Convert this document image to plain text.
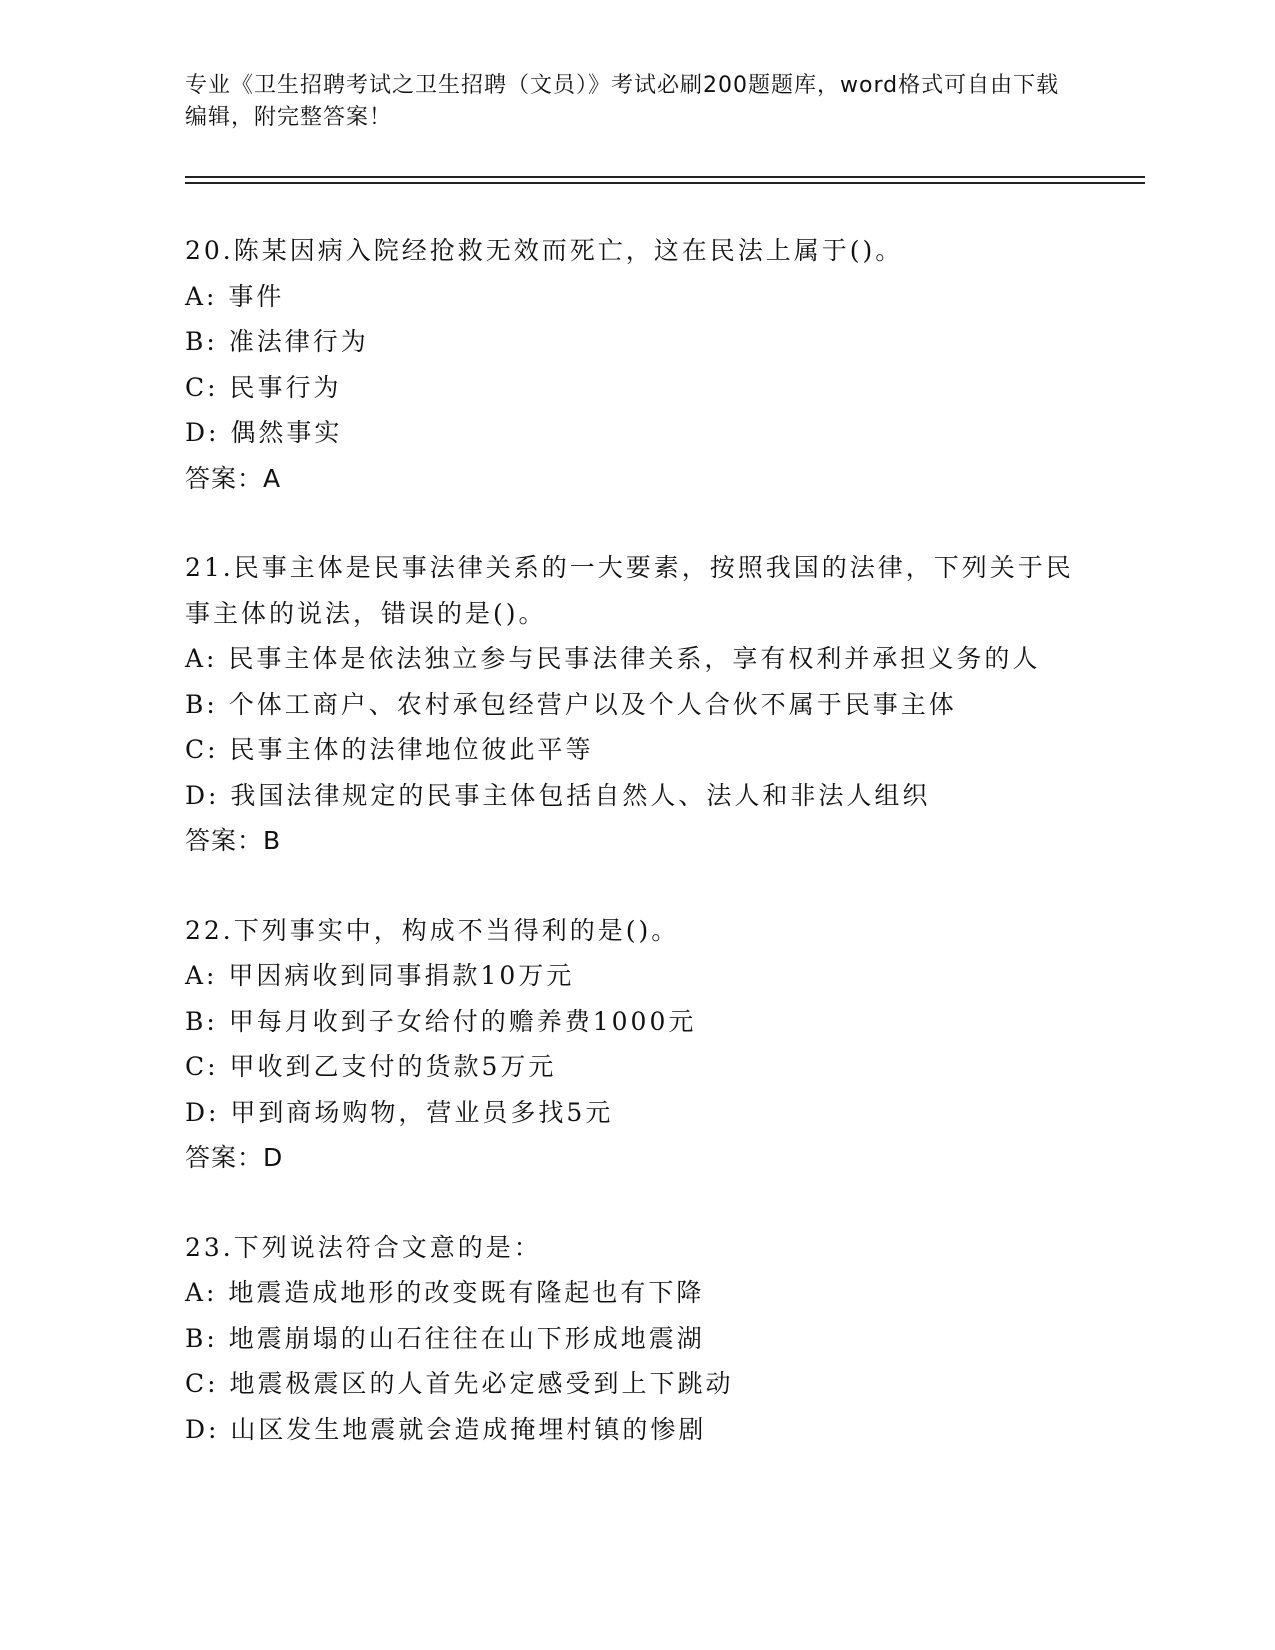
专业《卫生招聘考试之卫生招聘（文员）》考试必刷200题题库，word格式可自由下载编辑，附完整答案！
20.陈某因病入院经抢救无效而死亡，这在民法上属于()。
A: 事件
B: 准法律行为
C: 民事行为
D: 偶然事实
答案：A
21.民事主体是民事法律关系的一大要素，按照我国的法律，下列关于民事主体的说法，错误的是()。
A: 民事主体是依法独立参与民事法律关系，享有权利并承担义务的人
B: 个体工商户、农村承包经营户以及个人合伙不属于民事主体
C: 民事主体的法律地位彼此平等
D: 我国法律规定的民事主体包括自然人、法人和非法人组织
答案：B
22.下列事实中，构成不当得利的是()。
A: 甲因病收到同事捐款10万元
B: 甲每月收到子女给付的赡养费1000元
C: 甲收到乙支付的货款5万元
D: 甲到商场购物，营业员多找5元
答案：D
23.下列说法符合文意的是：
A: 地震造成地形的改变既有隆起也有下降
B: 地震崩塌的山石往往在山下形成地震湖
C: 地震极震区的人首先必定感受到上下跳动
D: 山区发生地震就会造成掩埋村镇的惨剧
